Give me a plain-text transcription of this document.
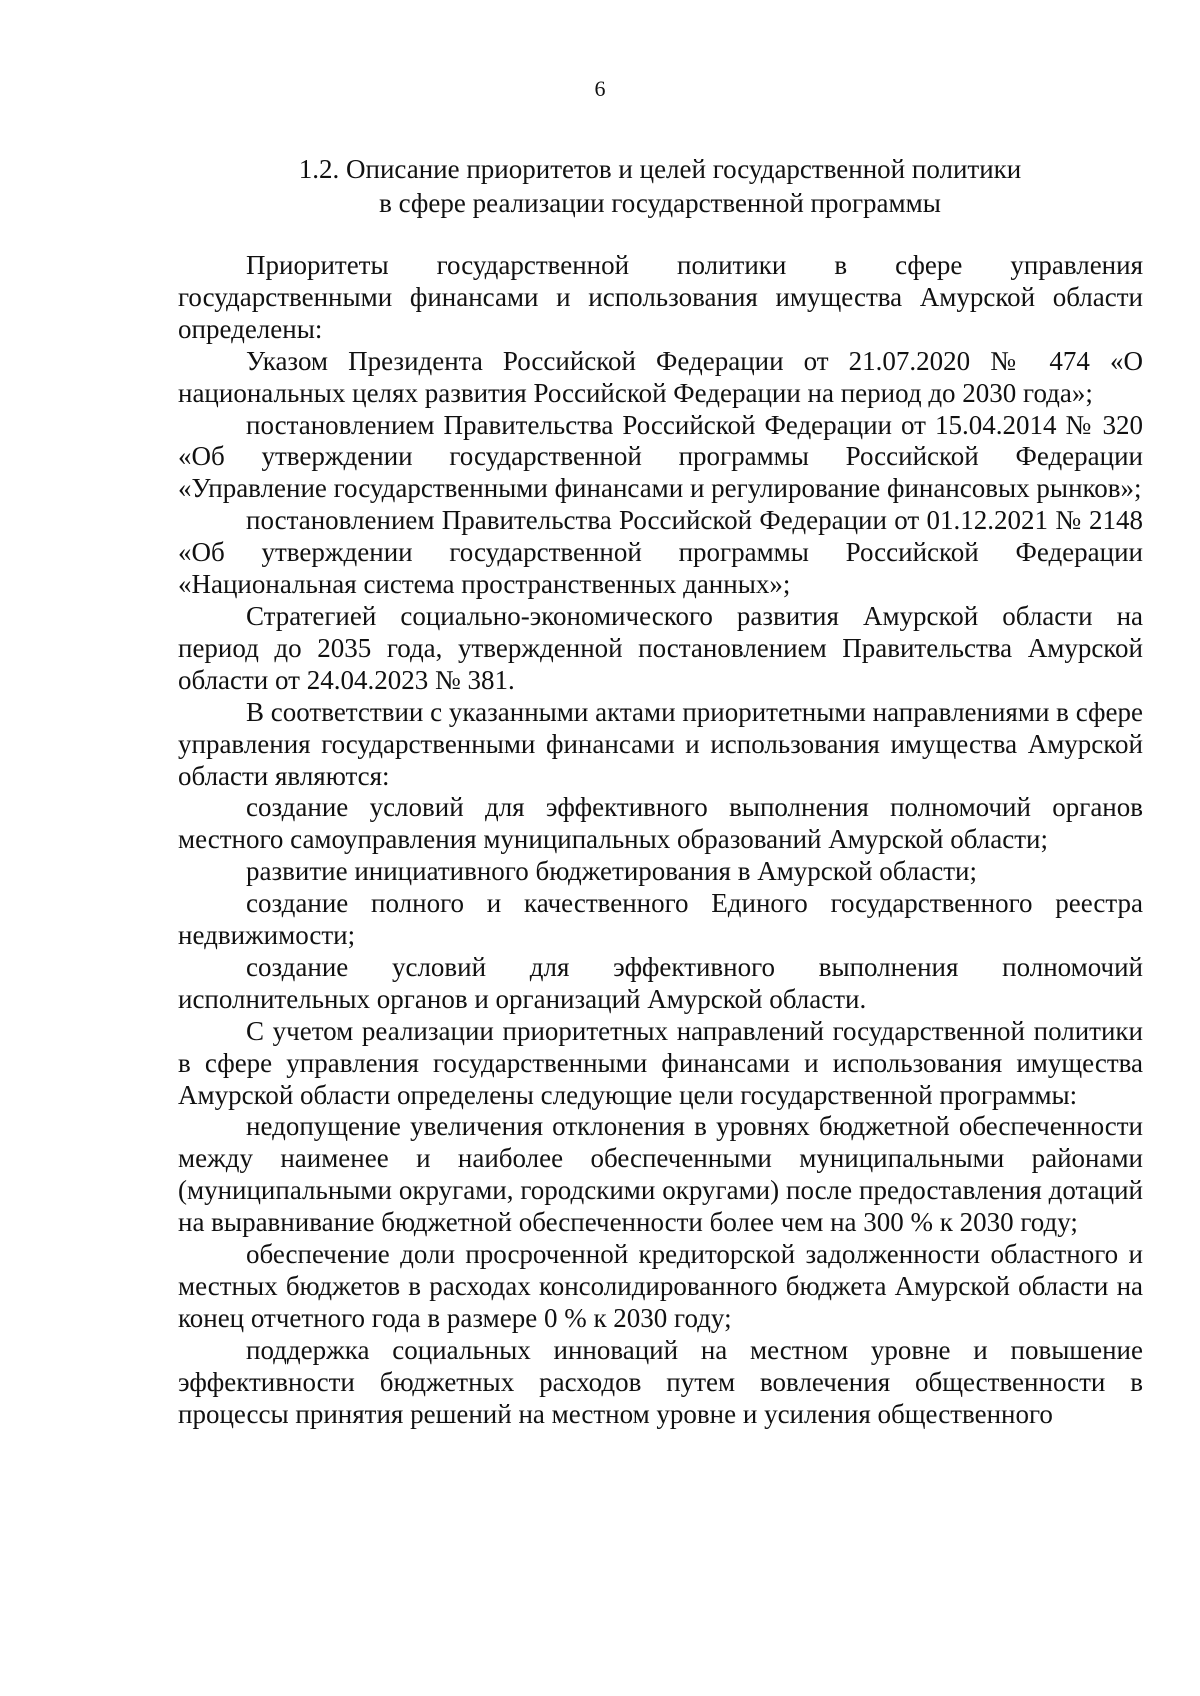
6
1.2. Описание приоритетов и целей государственной политики
в сфере реализации государственной программы

Приоритеты государственной политики в сфере управления государственными финансами и использования имущества Амурской области определены:

Указом Президента Российской Федерации от 21.07.2020 № 474 «О национальных целях развития Российской Федерации на период до 2030 года»;

постановлением Правительства Российской Федерации от 15.04.2014 № 320 «Об утверждении государственной программы Российской Федерации «Управление государственными финансами и регулирование финансовых рынков»;

постановлением Правительства Российской Федерации от 01.12.2021 № 2148 «Об утверждении государственной программы Российской Федерации «Национальная система пространственных данных»;

Стратегией социально-экономического развития Амурской области на период до 2035 года, утвержденной постановлением Правительства Амурской области от 24.04.2023 № 381.

В соответствии с указанными актами приоритетными направлениями в сфере управления государственными финансами и использования имущества Амурской области являются:

создание условий для эффективного выполнения полномочий органов местного самоуправления муниципальных образований Амурской области;

развитие инициативного бюджетирования в Амурской области;

создание полного и качественного Единого государственного реестра недвижимости;

создание условий для эффективного выполнения полномочий исполнительных органов и организаций Амурской области.

С учетом реализации приоритетных направлений государственной политики в сфере управления государственными финансами и использования имущества Амурской области определены следующие цели государственной программы:

недопущение увеличения отклонения в уровнях бюджетной обеспеченности между наименее и наиболее обеспеченными муниципальными районами (муниципальными округами, городскими округами) после предоставления дотаций на выравнивание бюджетной обеспеченности более чем на 300 % к 2030 году;

обеспечение доли просроченной кредиторской задолженности областного и местных бюджетов в расходах консолидированного бюджета Амурской области на конец отчетного года в размере 0 % к 2030 году;

поддержка социальных инноваций на местном уровне и повышение эффективности бюджетных расходов путем вовлечения общественности в процессы принятия решений на местном уровне и усиления общественного
